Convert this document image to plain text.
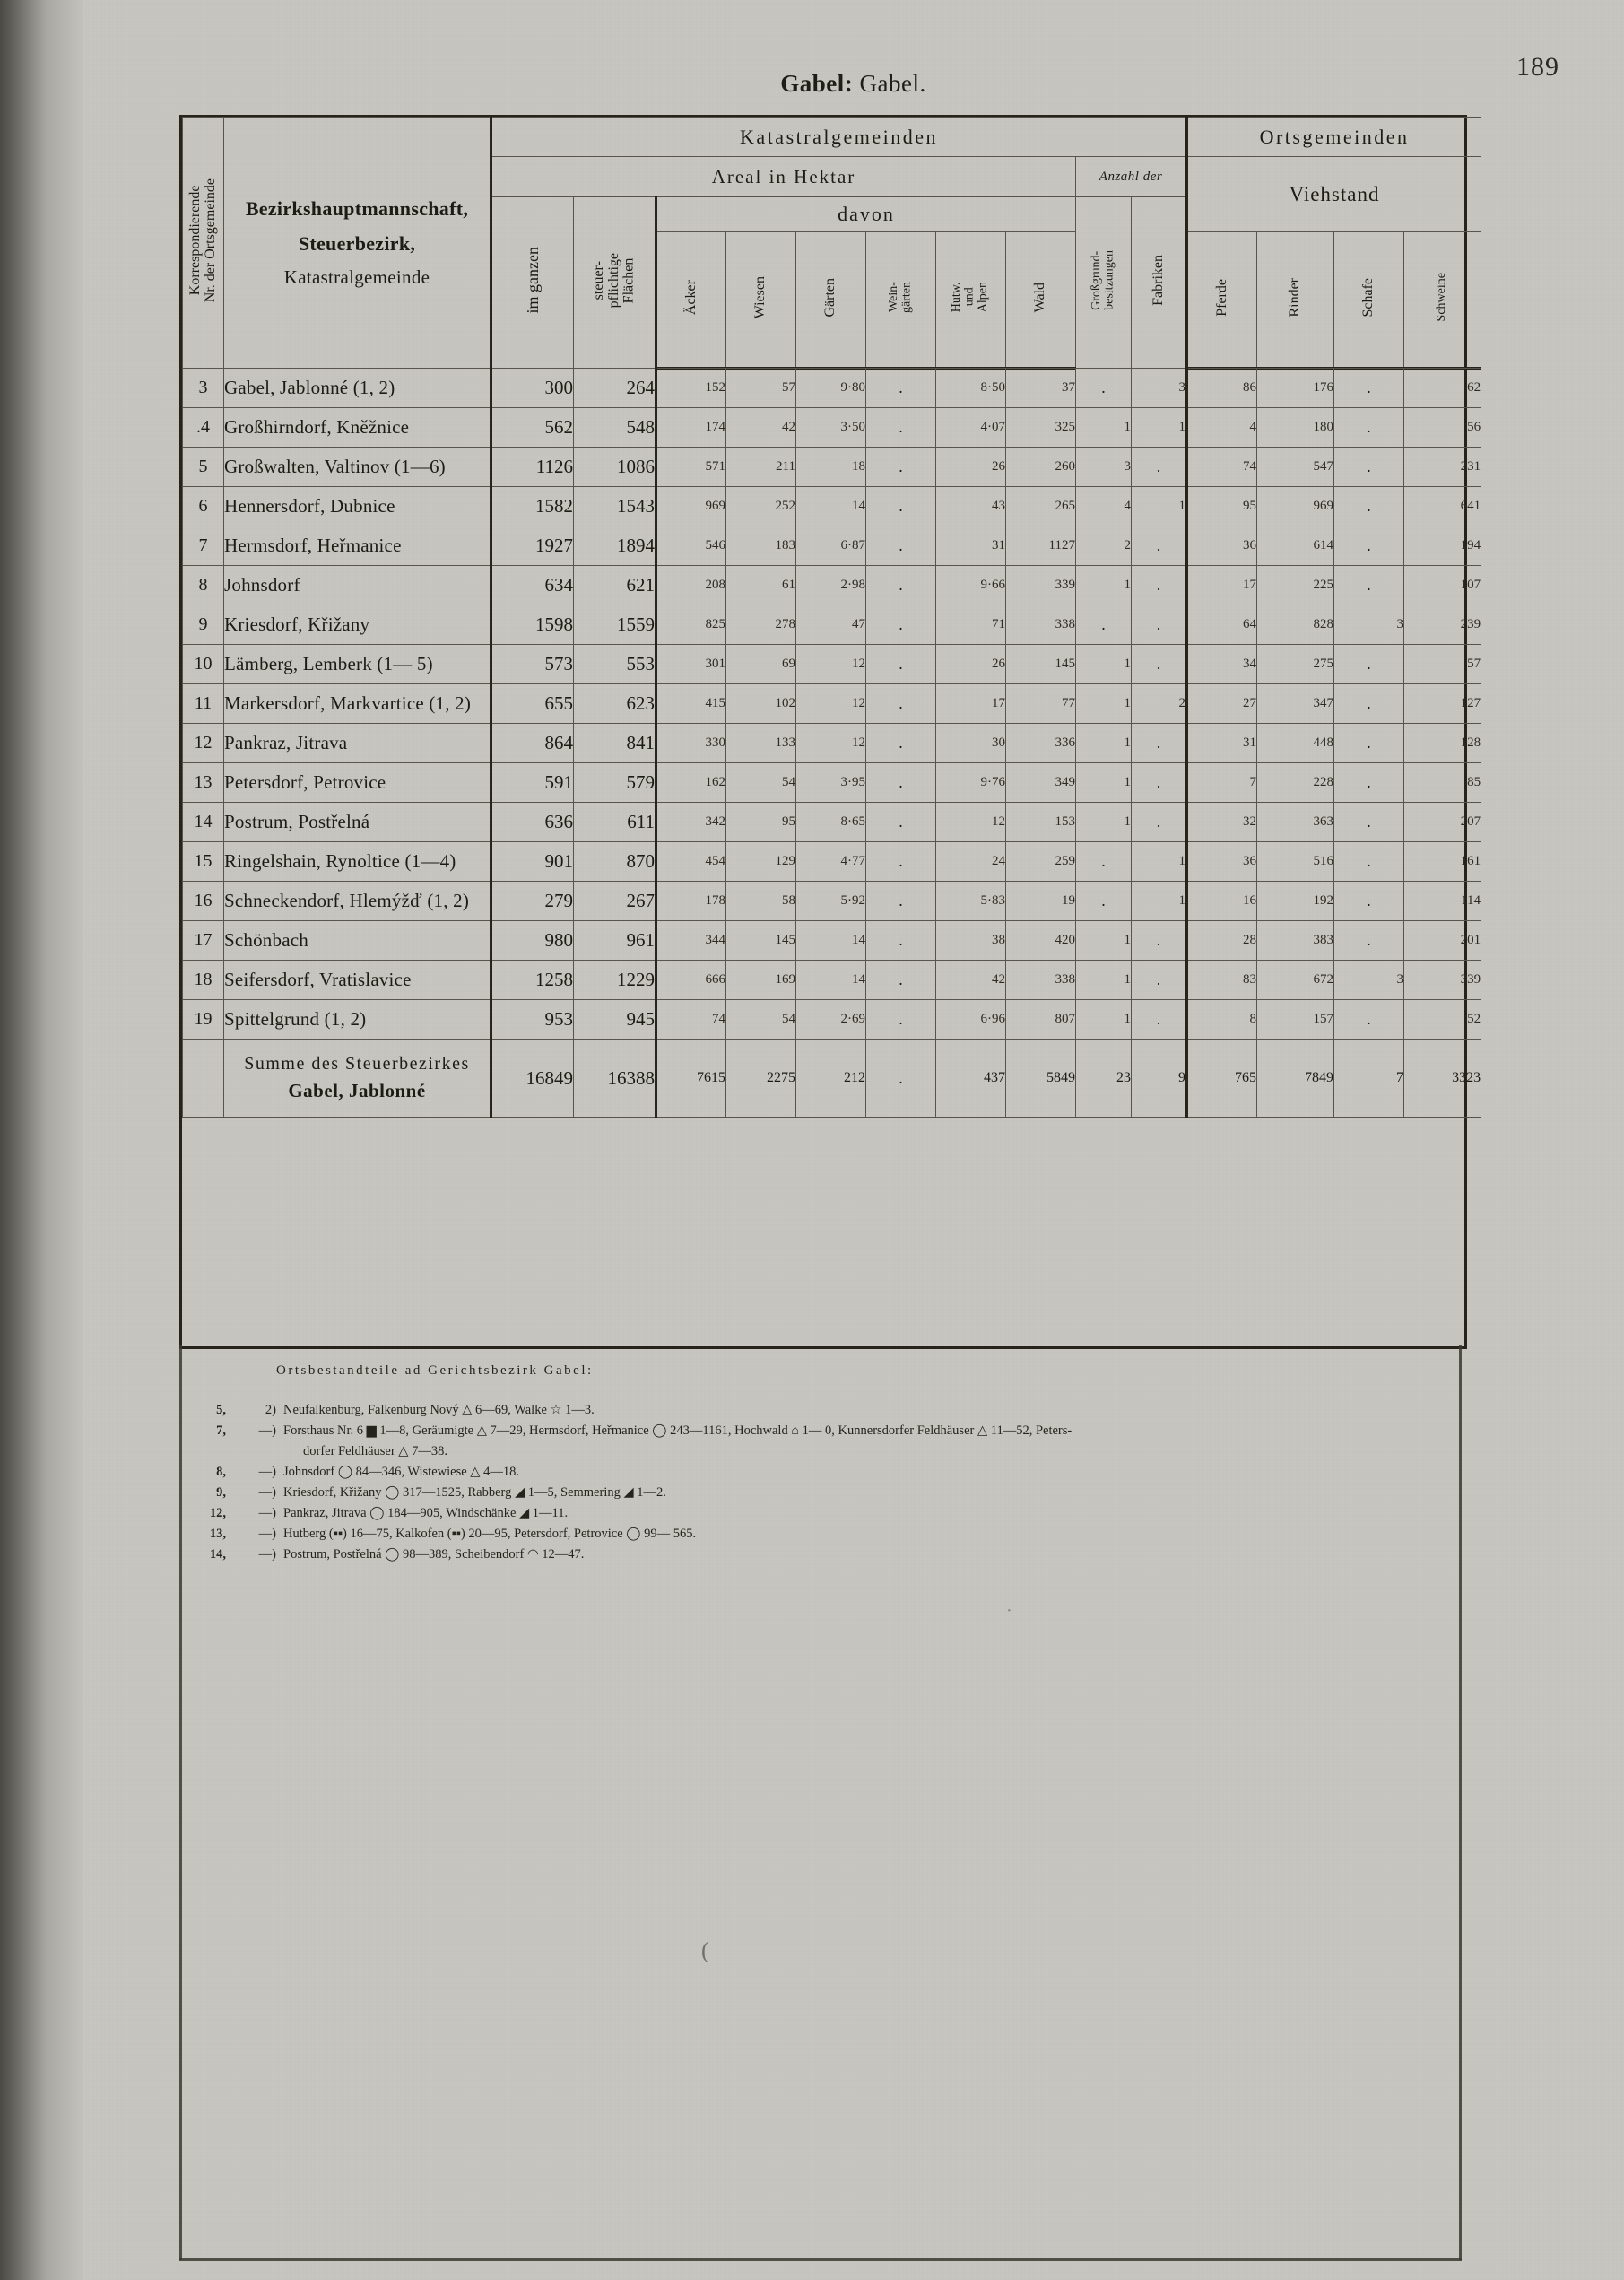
189
Gabel: Gabel.
Korrespondierende
Nr. der Ortsgemeinde	Bezirkshauptmannschaft,
Steuerbezirk,
Katastralgemeinde
	Katastralgemeinden	Ortsgemeinden
		Areal in Hektar								Anzahl der		Viehstand			
		im ganzen	steuer-
pflichtige
Flächen	davon						Großgrund-
besitzungen	Fabriken				
				Äcker	Wiesen	Gärten	Wein-
gärten	Hutw.
und
Alpen	Wald			Pferde	Rinder	Schafe	Schweine

3	Gabel, Jablonné (1, 2)	300	264	152	57	9·80	.	8·50	37	.	3	86	176	.	62
.4	Großhirndorf, Kněžnice	562	548	174	42	3·50	.	4·07	325	1	1	4	180	.	56
5	Großwalten, Valtinov (1—6)	1126	1086	571	211	18	.	26	260	3	.	74	547	.	231
6	Hennersdorf, Dubnice	1582	1543	969	252	14	.	43	265	4	1	95	969	.	641
7	Hermsdorf, Heřmanice	1927	1894	546	183	6·87	.	31	1127	2	.	36	614	.	194
8	Johnsdorf	634	621	208	61	2·98	.	9·66	339	1	.	17	225	.	107
9	Kriesdorf, Křižany	1598	1559	825	278	47	.	71	338	.	.	64	828	3	239
10	Lämberg, Lemberk (1— 5)	573	553	301	69	12	.	26	145	1	.	34	275	.	57
11	Markersdorf, Markvartice (1, 2)	655	623	415	102	12	.	17	77	1	2	27	347	.	127
12	Pankraz, Jitrava	864	841	330	133	12	.	30	336	1	.	31	448	.	128
13	Petersdorf, Petrovice	591	579	162	54	3·95	.	9·76	349	1	.	7	228	.	85
14	Postrum, Postřelná	636	611	342	95	8·65	.	12	153	1	.	32	363	.	207
15	Ringelshain, Rynoltice (1—4)	901	870	454	129	4·77	.	24	259	.	1	36	516	.	161
16	Schneckendorf, Hlemýžď (1, 2)	279	267	178	58	5·92	.	5·83	19	.	1	16	192	.	114
17	Schönbach	980	961	344	145	14	.	38	420	1	.	28	383	.	201
18	Seifersdorf, Vratislavice	1258	1229	666	169	14	.	42	338	1	.	83	672	3	339
19	Spittelgrund (1, 2)	953	945	74	54	2·69	.	6·96	807	1	.	8	157	.	52

	Summe des Steuerbezirkes
Gabel, Jablonné	16849	16388	7615	2275	212	.	437	5849	23	9	765	7849	7	3323
Ortsbestandteile ad Gerichtsbezirk Gabel:
5,	2)	Neufalkenburg, Falkenburg Nový △ 6—69, Walke ☆ 1—3.
7,	—)	Forsthaus Nr. 6 ▆ 1—8, Geräumigte △ 7—29, Hermsdorf, Heřmanice ◯ 243—1161, Hochwald ⌂ 1— 0, Kunnersdorfer Feldhäuser △ 11—52, Peters-
		dorfer Feldhäuser △ 7—38.
8,	—)	Johnsdorf ◯ 84—346, Wistewiese △ 4—18.
9,	—)	Kriesdorf, Křižany ◯ 317—1525, Rabberg ◢ 1—5, Semmering ◢ 1—2.
12,	—)	Pankraz, Jitrava ◯ 184—905, Windschänke ◢ 1—11.
13,	—)	Hutberg (▪▪) 16—75, Kalkofen (▪▪) 20—95, Petersdorf, Petrovice ◯ 99— 565.
14,	—)	Postrum, Postřelná ◯ 98—389, Scheibendorf ◠ 12—47.
(
·
